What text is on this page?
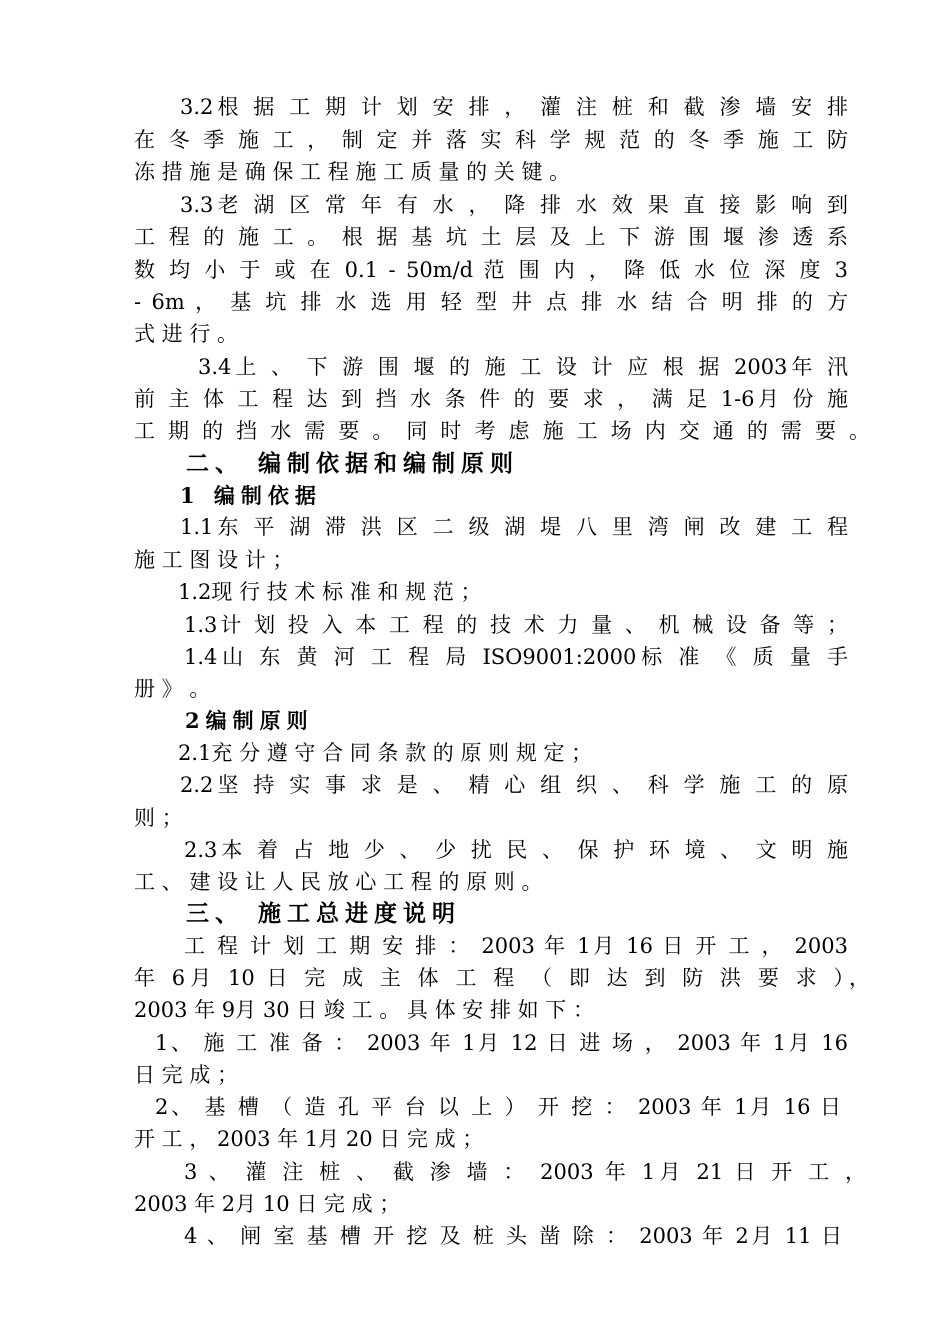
3.2根 据 工 期 计 划 安 排 ， 灌 注 桩 和 截 渗 墙 安 排
在 冬 季 施 工 ， 制 定 并 落 实 科 学 规 范 的 冬 季 施 工 防
冻 措 施 是 确 保 工 程 施 工 质 量 的 关 键 。
3.3老 湖 区 常 年 有 水 ， 降 排 水 效 果 直 接 影 响 到
工 程 的 施 工 。 根 据 基 坑 土 层 及 上 下 游 围 堰 渗 透 系
数 均 小 于 或 在 0.1 - 50m/d 范 围 内 ， 降 低 水 位 深 度 3
- 6m ， 基 坑 排 水 选 用 轻 型 井 点 排 水 结 合 明 排 的 方
式 进 行 。
3.4上 、 下 游 围 堰 的 施 工 设 计 应 根 据 2003年 汛
前 主 体 工 程 达 到 挡 水 条 件 的 要 求 ， 满 足 1-6月 份 施
工 期 的 挡 水 需 要 。 同 时 考 虑 施 工 场 内 交 通 的 需 要 。
二、 编制依据和编制原则
1 编制依据
1.1东 平 湖 滞 洪 区 二 级 湖 堤 八 里 湾 闸 改 建 工 程
施 工 图 设 计 ；
1.2现 行 技 术 标 准 和 规 范 ；
1.3计 划 投 入 本 工 程 的 技 术 力 量 、 机 械 设 备 等 ；
1.4山 东 黄 河 工 程 局 ISO9001:2000标 准 《 质 量 手
册 》 。
2编制原则
2.1充 分 遵 守 合 同 条 款 的 原 则 规 定 ；
2.2坚 持 实 事 求 是 、 精 心 组 织 、 科 学 施 工 的 原
则 ；
2.3本 着 占 地 少 、 少 扰 民 、 保 护 环 境 、 文 明 施
工 、 建 设 让 人 民 放 心 工 程 的 原 则 。
三、 施工总进度说明
工 程 计 划 工 期 安 排 ： 2003 年 1月 16 日 开 工 ， 2003
年 6月 10 日 完 成 主 体 工 程 （ 即 达 到 防 洪 要 求 ），
2003 年 9月 30 日 竣 工 。 具 体 安 排 如 下 ：
1、 施 工 准 备 ： 2003 年 1月 12 日 进 场 ， 2003 年 1月 16
日 完 成 ；
2、 基 槽 （ 造 孔 平 台 以 上 ） 开 挖 ： 2003 年 1月 16 日
开 工 ， 2003 年 1月 20 日 完 成 ；
3 、 灌 注 桩 、 截 渗 墙 ： 2003 年 1月 21 日 开 工 ，
2003 年 2月 10 日 完 成 ；
4 、 闸 室 基 槽 开 挖 及 桩 头 凿 除 ： 2003 年 2月 11 日
